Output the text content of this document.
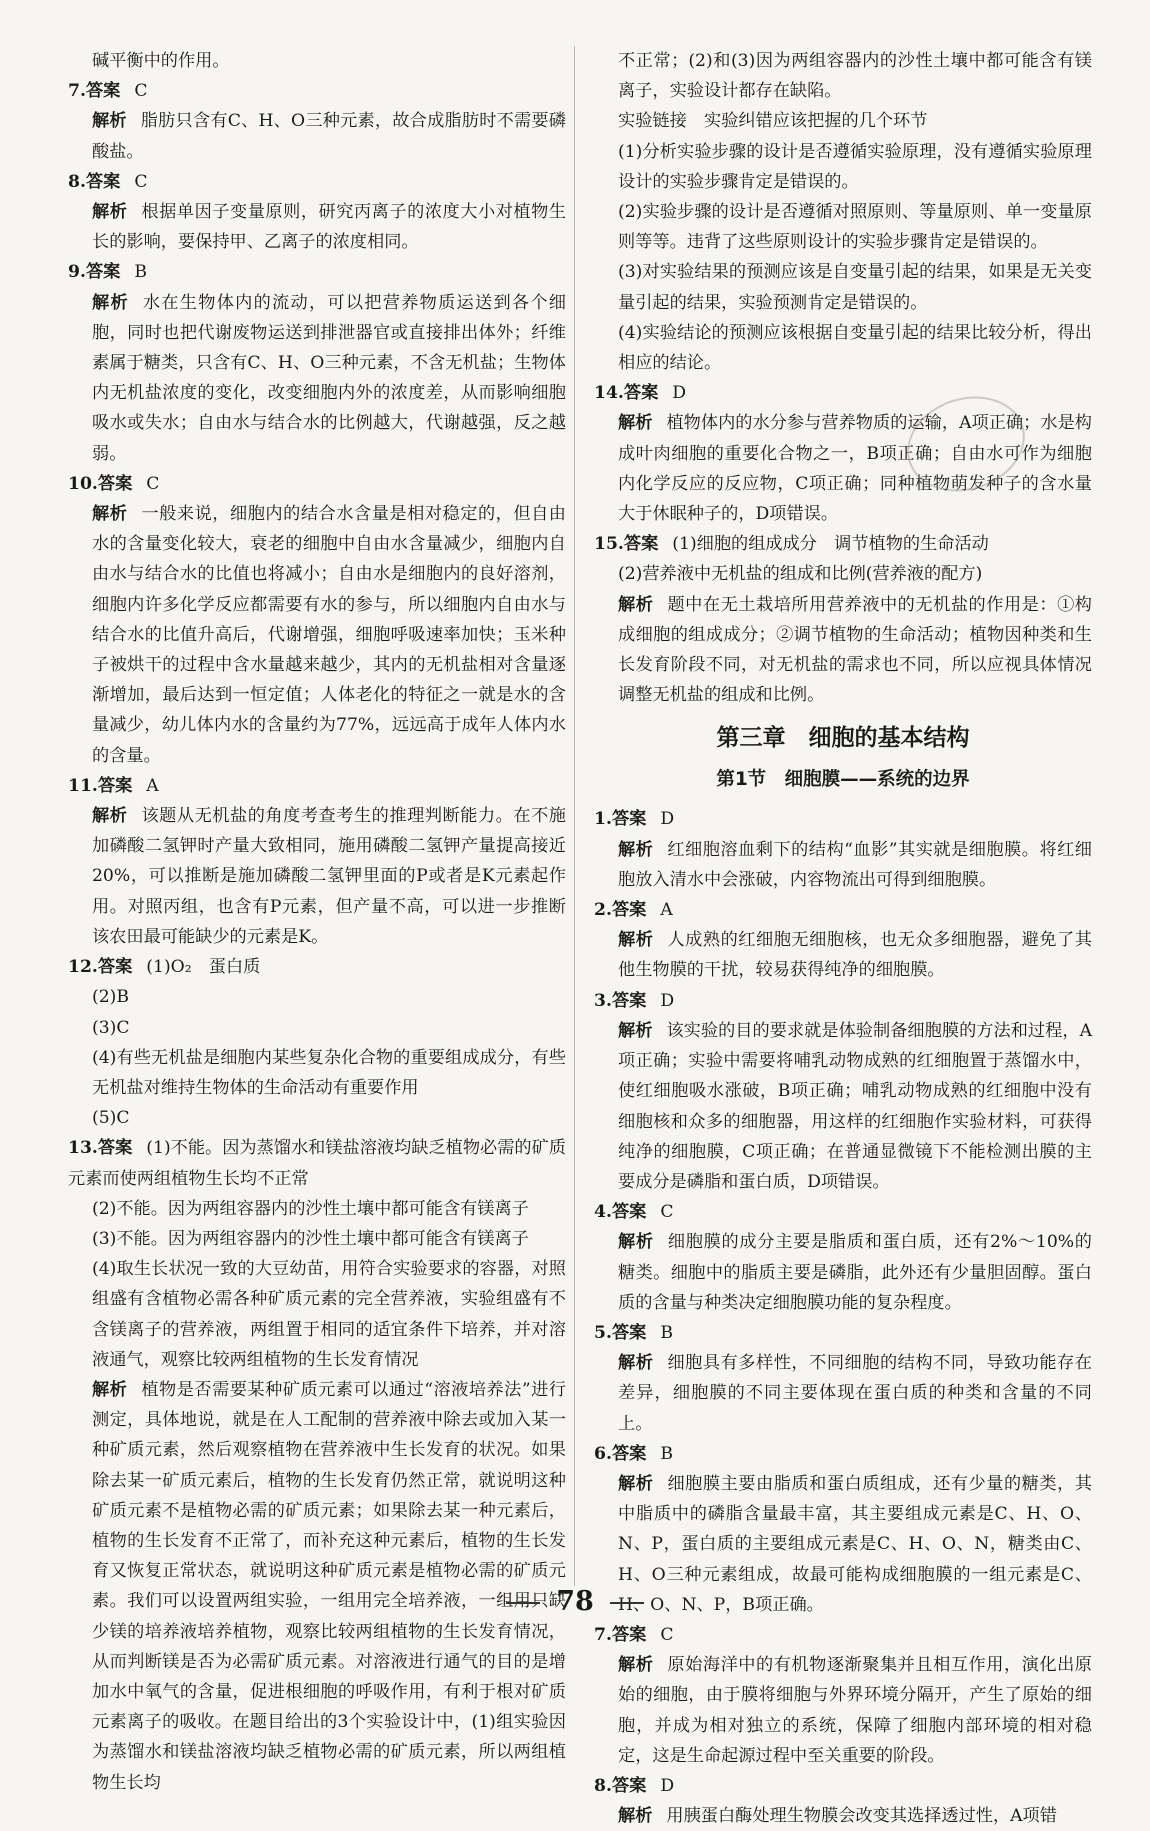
碱平衡中的作用。
7.答案 C
解析 脂肪只含有C、H、O三种元素，故合成脂肪时不需要磷酸盐。
8.答案 C
解析 根据单因子变量原则，研究丙离子的浓度大小对植物生长的影响，要保持甲、乙离子的浓度相同。
9.答案 B
解析 水在生物体内的流动，可以把营养物质运送到各个细胞，同时也把代谢废物运送到排泄器官或直接排出体外；纤维素属于糖类，只含有C、H、O三种元素，不含无机盐；生物体内无机盐浓度的变化，改变细胞内外的浓度差，从而影响细胞吸水或失水；自由水与结合水的比例越大，代谢越强，反之越弱。
10.答案 C
解析 一般来说，细胞内的结合水含量是相对稳定的，但自由水的含量变化较大，衰老的细胞中自由水含量减少，细胞内自由水与结合水的比值也将减小；自由水是细胞内的良好溶剂，细胞内许多化学反应都需要有水的参与，所以细胞内自由水与结合水的比值升高后，代谢增强，细胞呼吸速率加快；玉米种子被烘干的过程中含水量越来越少，其内的无机盐相对含量逐渐增加，最后达到一恒定值；人体老化的特征之一就是水的含量减少，幼儿体内水的含量约为77%，远远高于成年人体内水的含量。
11.答案 A
解析 该题从无机盐的角度考查考生的推理判断能力。在不施加磷酸二氢钾时产量大致相同，施用磷酸二氢钾产量提高接近20%，可以推断是施加磷酸二氢钾里面的P或者是K元素起作用。对照丙组，也含有P元素，但产量不高，可以进一步推断该农田最可能缺少的元素是K。
12.答案 (1)O₂　蛋白质
(2)B
(3)C
(4)有些无机盐是细胞内某些复杂化合物的重要组成成分，有些无机盐对维持生物体的生命活动有重要作用
(5)C
13.答案 (1)不能。因为蒸馏水和镁盐溶液均缺乏植物必需的矿质元素而使两组植物生长均不正常
(2)不能。因为两组容器内的沙性土壤中都可能含有镁离子
(3)不能。因为两组容器内的沙性土壤中都可能含有镁离子
(4)取生长状况一致的大豆幼苗，用符合实验要求的容器，对照组盛有含植物必需各种矿质元素的完全营养液，实验组盛有不含镁离子的营养液，两组置于相同的适宜条件下培养，并对溶液通气，观察比较两组植物的生长发育情况
解析 植物是否需要某种矿质元素可以通过“溶液培养法”进行测定，具体地说，就是在人工配制的营养液中除去或加入某一种矿质元素，然后观察植物在营养液中生长发育的状况。如果除去某一矿质元素后，植物的生长发育仍然正常，就说明这种矿质元素不是植物必需的矿质元素；如果除去某一种元素后，植物的生长发育不正常了，而补充这种元素后，植物的生长发育又恢复正常状态，就说明这种矿质元素是植物必需的矿质元素。我们可以设置两组实验，一组用完全培养液，一组用只缺少镁的培养液培养植物，观察比较两组植物的生长发育情况，从而判断镁是否为必需矿质元素。对溶液进行通气的目的是增加水中氧气的含量，促进根细胞的呼吸作用，有利于根对矿质元素离子的吸收。在题目给出的3个实验设计中，(1)组实验因为蒸馏水和镁盐溶液均缺乏植物必需的矿质元素，所以两组植物生长均
不正常；(2)和(3)因为两组容器内的沙性土壤中都可能含有镁离子，实验设计都存在缺陷。
实验链接　实验纠错应该把握的几个环节
(1)分析实验步骤的设计是否遵循实验原理，没有遵循实验原理设计的实验步骤肯定是错误的。
(2)实验步骤的设计是否遵循对照原则、等量原则、单一变量原则等等。违背了这些原则设计的实验步骤肯定是错误的。
(3)对实验结果的预测应该是自变量引起的结果，如果是无关变量引起的结果，实验预测肯定是错误的。
(4)实验结论的预测应该根据自变量引起的结果比较分析，得出相应的结论。
14.答案 D
解析 植物体内的水分参与营养物质的运输，A项正确；水是构成叶肉细胞的重要化合物之一，B项正确；自由水可作为细胞内化学反应的反应物，C项正确；同种植物萌发种子的含水量大于休眠种子的，D项错误。
15.答案 (1)细胞的组成成分　调节植物的生命活动
(2)营养液中无机盐的组成和比例(营养液的配方)
解析 题中在无土栽培所用营养液中的无机盐的作用是：①构成细胞的组成成分；②调节植物的生命活动；植物因种类和生长发育阶段不同，对无机盐的需求也不同，所以应视具体情况调整无机盐的组成和比例。
第三章　细胞的基本结构
第1节　细胞膜——系统的边界
1.答案 D
解析 红细胞溶血剩下的结构“血影”其实就是细胞膜。将红细胞放入清水中会涨破，内容物流出可得到细胞膜。
2.答案 A
解析 人成熟的红细胞无细胞核，也无众多细胞器，避免了其他生物膜的干扰，较易获得纯净的细胞膜。
3.答案 D
解析 该实验的目的要求就是体验制备细胞膜的方法和过程，A项正确；实验中需要将哺乳动物成熟的红细胞置于蒸馏水中，使红细胞吸水涨破，B项正确；哺乳动物成熟的红细胞中没有细胞核和众多的细胞器，用这样的红细胞作实验材料，可获得纯净的细胞膜，C项正确；在普通显微镜下不能检测出膜的主要成分是磷脂和蛋白质，D项错误。
4.答案 C
解析 细胞膜的成分主要是脂质和蛋白质，还有2%～10%的糖类。细胞中的脂质主要是磷脂，此外还有少量胆固醇。蛋白质的含量与种类决定细胞膜功能的复杂程度。
5.答案 B
解析 细胞具有多样性，不同细胞的结构不同，导致功能存在差异，细胞膜的不同主要体现在蛋白质的种类和含量的不同上。
6.答案 B
解析 细胞膜主要由脂质和蛋白质组成，还有少量的糖类，其中脂质中的磷脂含量最丰富，其主要组成元素是C、H、O、N、P，蛋白质的主要组成元素是C、H、O、N，糖类由C、H、O三种元素组成，故最可能构成细胞膜的一组元素是C、H、O、N、P，B项正确。
7.答案 C
解析 原始海洋中的有机物逐渐聚集并且相互作用，演化出原始的细胞，由于膜将细胞与外界环境分隔开，产生了原始的细胞，并成为相对独立的系统，保障了细胞内部环境的相对稳定，这是生命起源过程中至关重要的阶段。
8.答案 D
解析 用胰蛋白酶处理生物膜会改变其选择透过性，A项错
78
